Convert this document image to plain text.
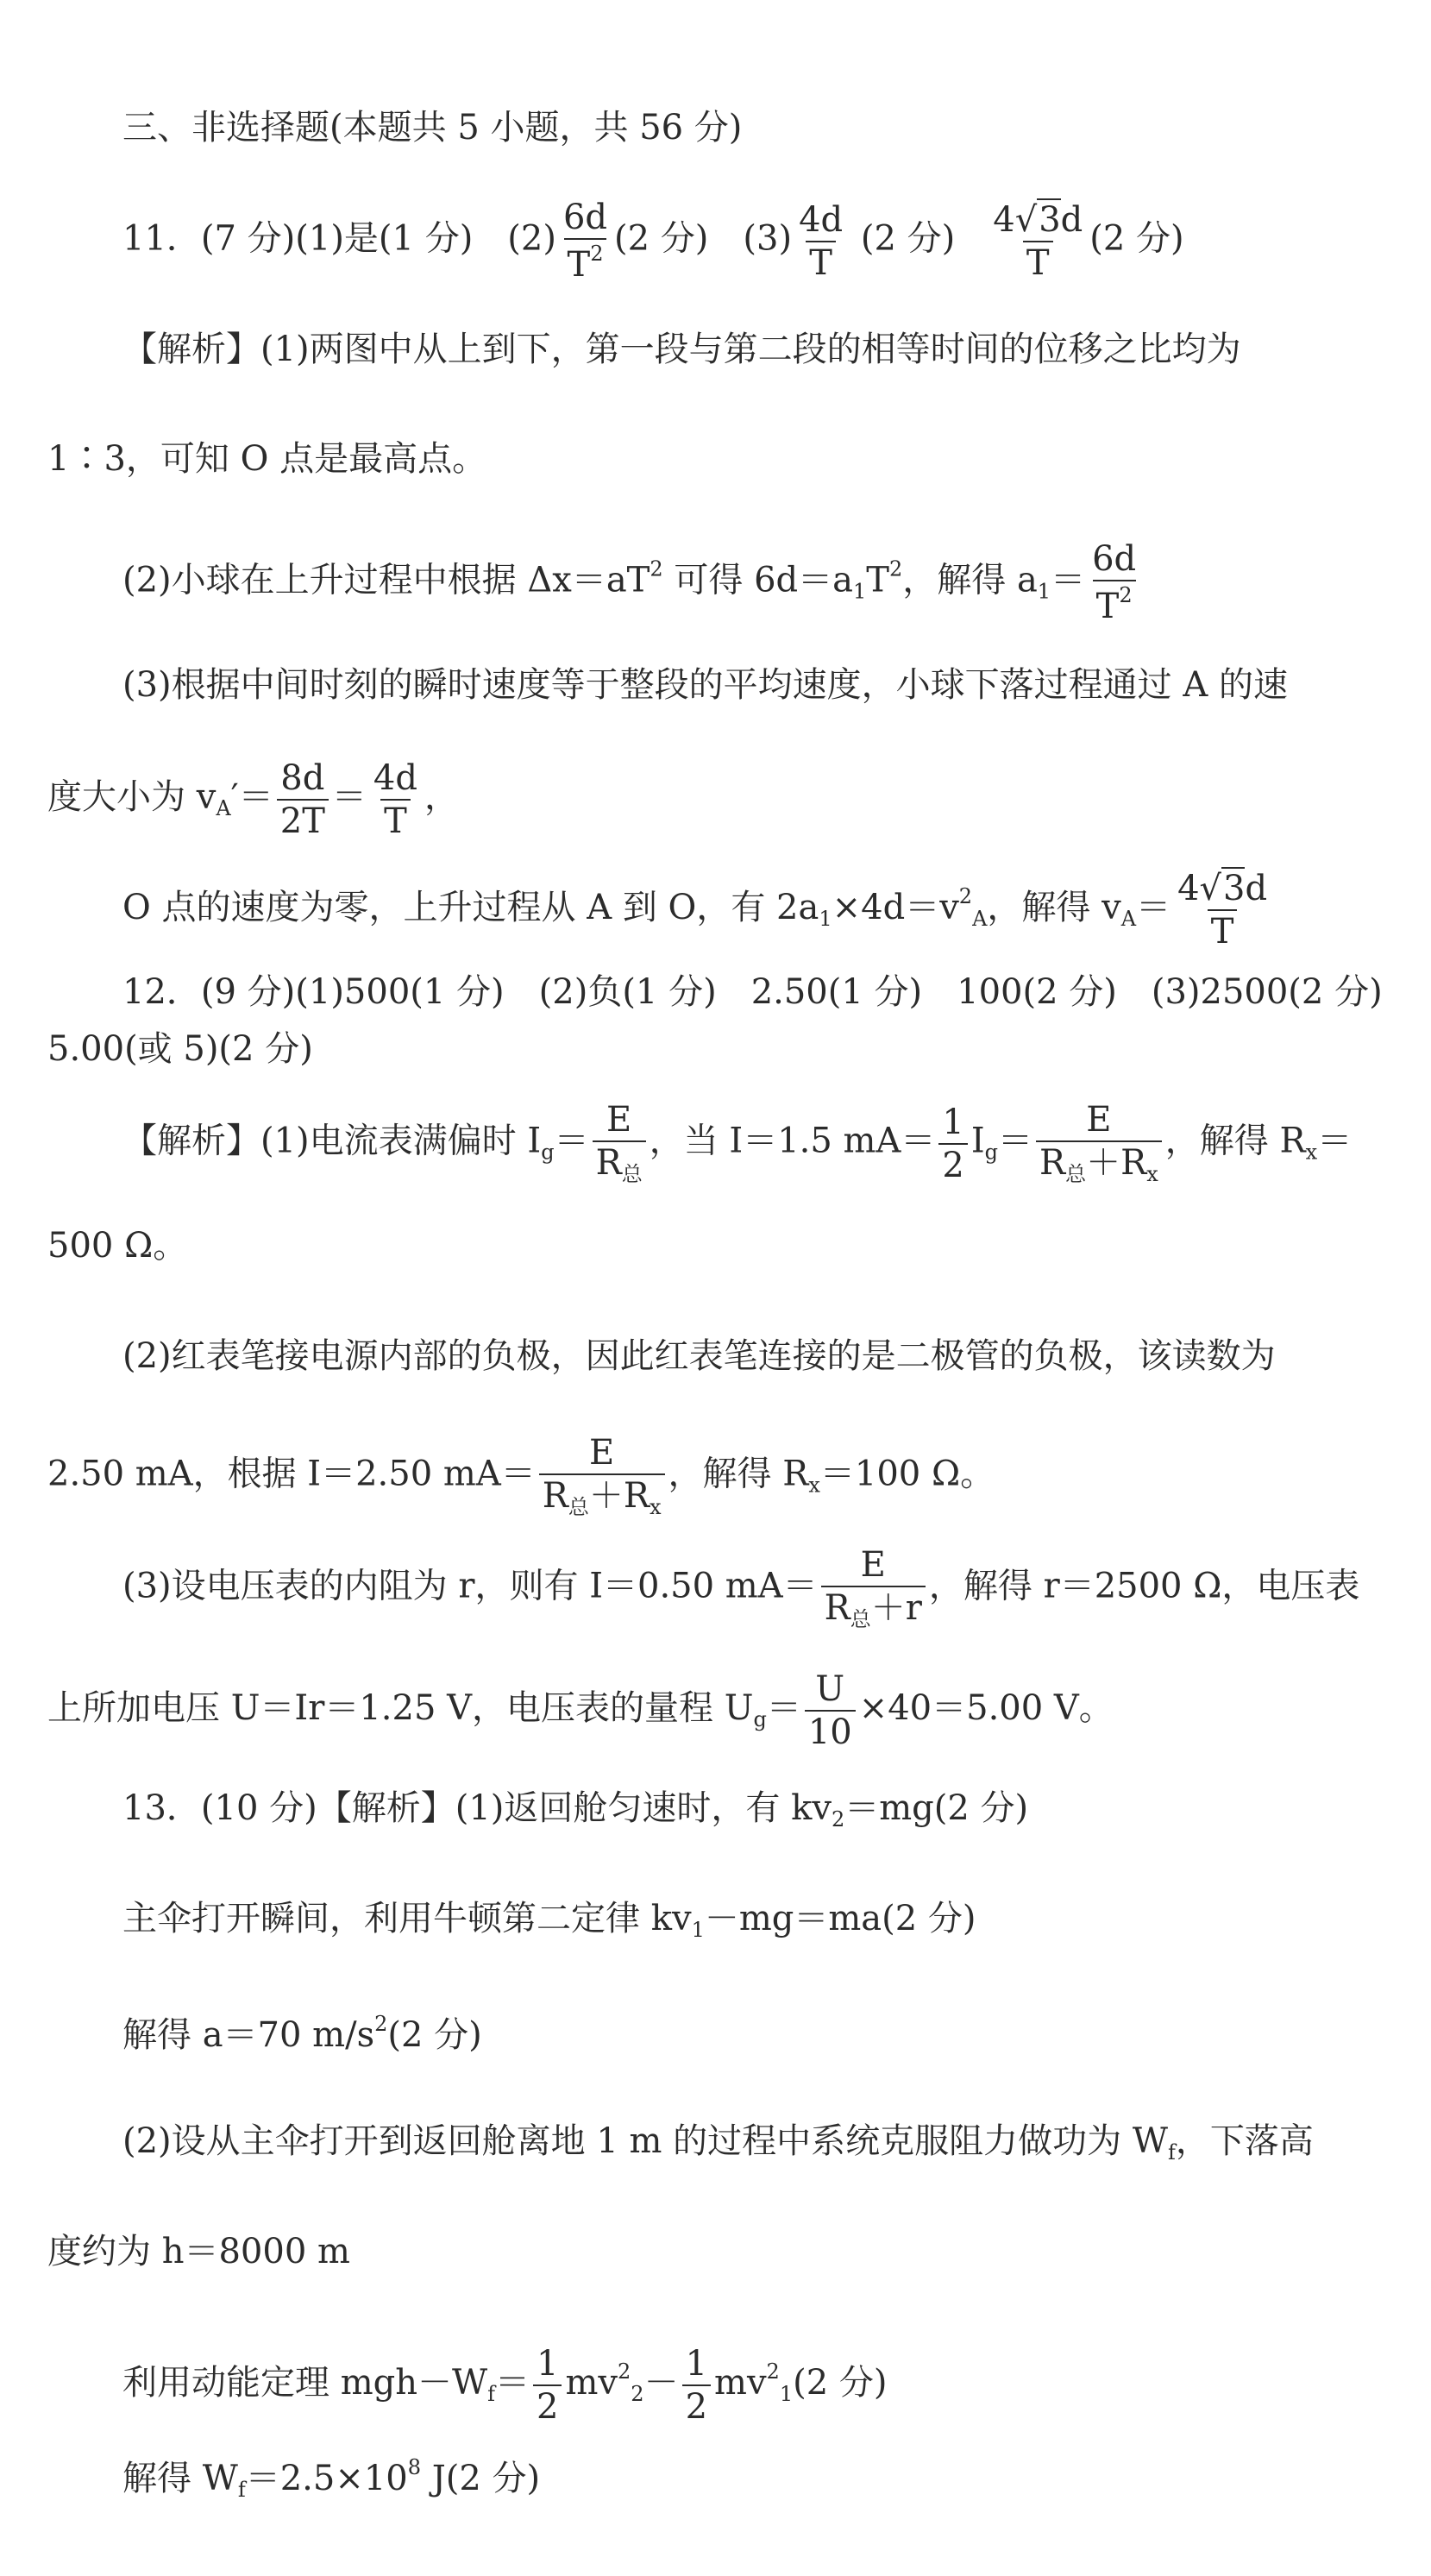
三、非选择题(本题共 5 小题，共 56 分)
11．(7 分)(1)是(1 分)　$(2) \frac{6d}{T^2} (2$ 分)　$(3) \frac{4d}{T} (2$ 分) $\frac{4√3d}{T} (2$ 分)
【解析】(1)两图中从上到下，第一段与第二段的相等时间的位移之比均为
1∶3，可知 O 点是最高点。
(2)小球在上升过程中根据 $\Delta x=aT^2$ 可得 $6d=a_1T^2$，解得 $a_1= \frac{6d}{T^2}$
(3)根据中间时刻的瞬时速度等于整段的平均速度，小球下落过程通过 A 的速
度大小为 $v_A'= \frac{8d}{2T} = \frac{4d}{T}$ ，
O 点的速度为零，上升过程从 A 到 O，有 $2a_1\times 4d=v^2_A$，解得 $v_A= \frac{4√3d}{T}$
12．(9 分)(1)500(1 分)　(2)负(1 分)　2.50(1 分)　100(2 分)　(3)2500(2 分)
5.00(或 5)(2 分)
【解析】(1)电流表满偏时 $I_g= \frac{E}{R_总}$ ，当 I＝1.5 $mA= \frac{1}{2} I_g= \frac{E}{R_总+R_x}$ ，解得 $R_x=$
500 Ω。
(2)红表笔接电源内部的负极，因此红表笔连接的是二极管的负极，该读数为
2.50 mA，根据 I＝2.50 $mA= \frac{E}{R_总+R_x}$ ，解得 $R_x=100$ Ω。
(3)设电压表的内阻为 r，则有 I＝0.50 $mA= \frac{E}{R_总+r}$ ，解得 r＝2500 Ω，电压表
上所加电压 U＝Ir＝1.25 V，电压表的量程 $U_g= \frac{U}{10} \times 40=5.00$ V。
13．(10 分)【解析】(1)返回舱匀速时，有 $kv_2=mg(2$ 分)
主伞打开瞬间，利用牛顿第二定律 $kv_1-mg=ma(2$ 分)
解得 a＝70 $m/s^2(2$ 分)
(2)设从主伞打开到返回舱离地 1 m 的过程中系统克服阻力做功为 $W_f$，下落高
度约为 h＝8000 m
利用动能定理 $mgh-W_f= \frac{1}{2} mv^2_2- \frac{1}{2} mv^2_1(2$ 分)
解得 $W_f=2.5\times 10^8$ J(2 分)
